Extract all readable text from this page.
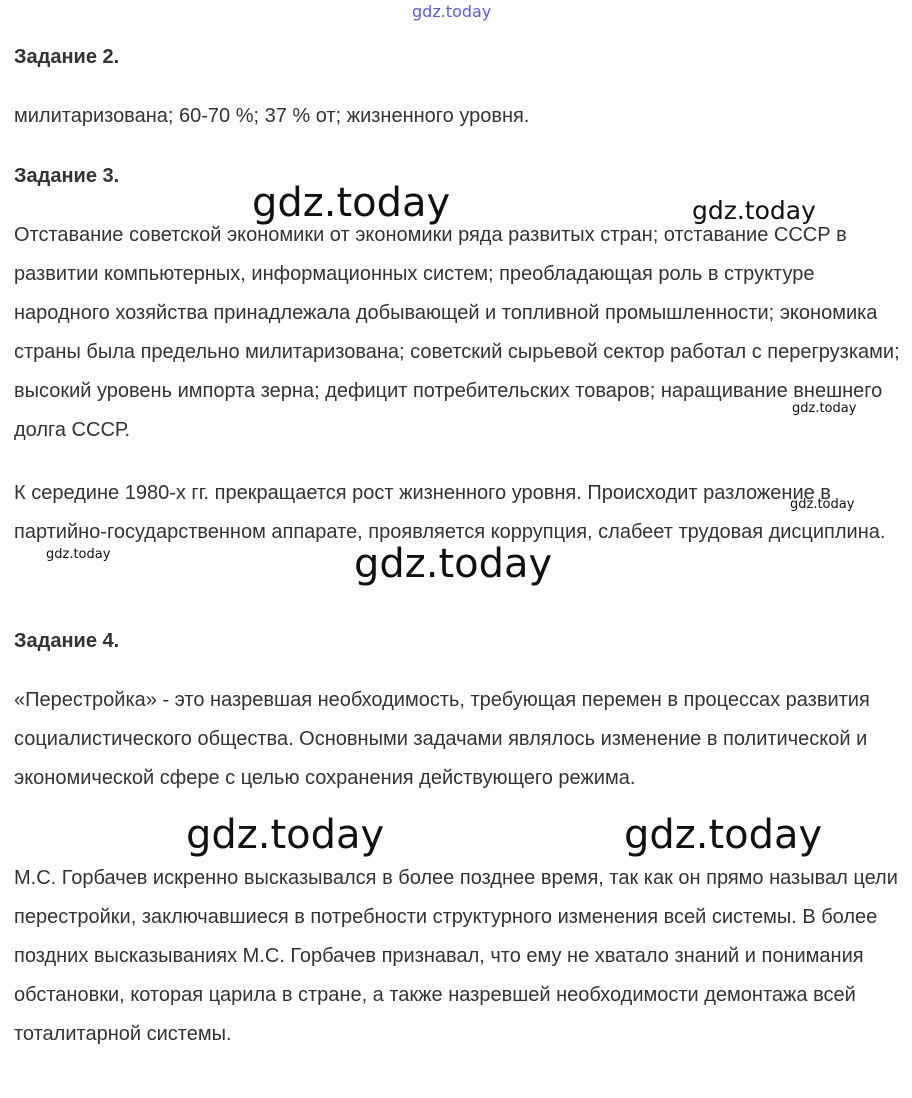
Задание 2.

милитаризована; 60-70 %; 37 % от; жизненного уровня.

Задание 3.

Отставание советской экономики от экономики ряда развитых стран; отставание СССР в развитии компьютерных, информационных систем; преобладающая роль в структуре народного хозяйства принадлежала добывающей и топливной промышленности; экономика страны была предельно милитаризована; советский сырьевой сектор работал с перегрузками; высокий уровень импорта зерна; дефицит потребительских товаров; наращивание внешнего долга СССР.

К середине 1980-х гг. прекращается рост жизненного уровня. Происходит разложение в партийно-государственном аппарате, проявляется коррупция, слабеет трудовая дисциплина.

Задание 4.

«Перестройка» - это назревшая необходимость, требующая перемен в процессах развития социалистического общества. Основными задачами являлось изменение в политической и экономической сфере с целью сохранения действующего режима.

М.С. Горбачев искренно высказывался в более позднее время, так как он прямо называл цели перестройки, заключавшиеся в потребности структурного изменения всей системы. В более поздних высказываниях М.С. Горбачев признавал, что ему не хватало знаний и понимания обстановки, которая царила в стране, а также назревшей необходимости демонтажа всей тоталитарной системы.

gdz.today
gdz.today	gdz.today
gdz.today
gdz.today
gdz.today	gdz.today
gdz.today	gdz.today
